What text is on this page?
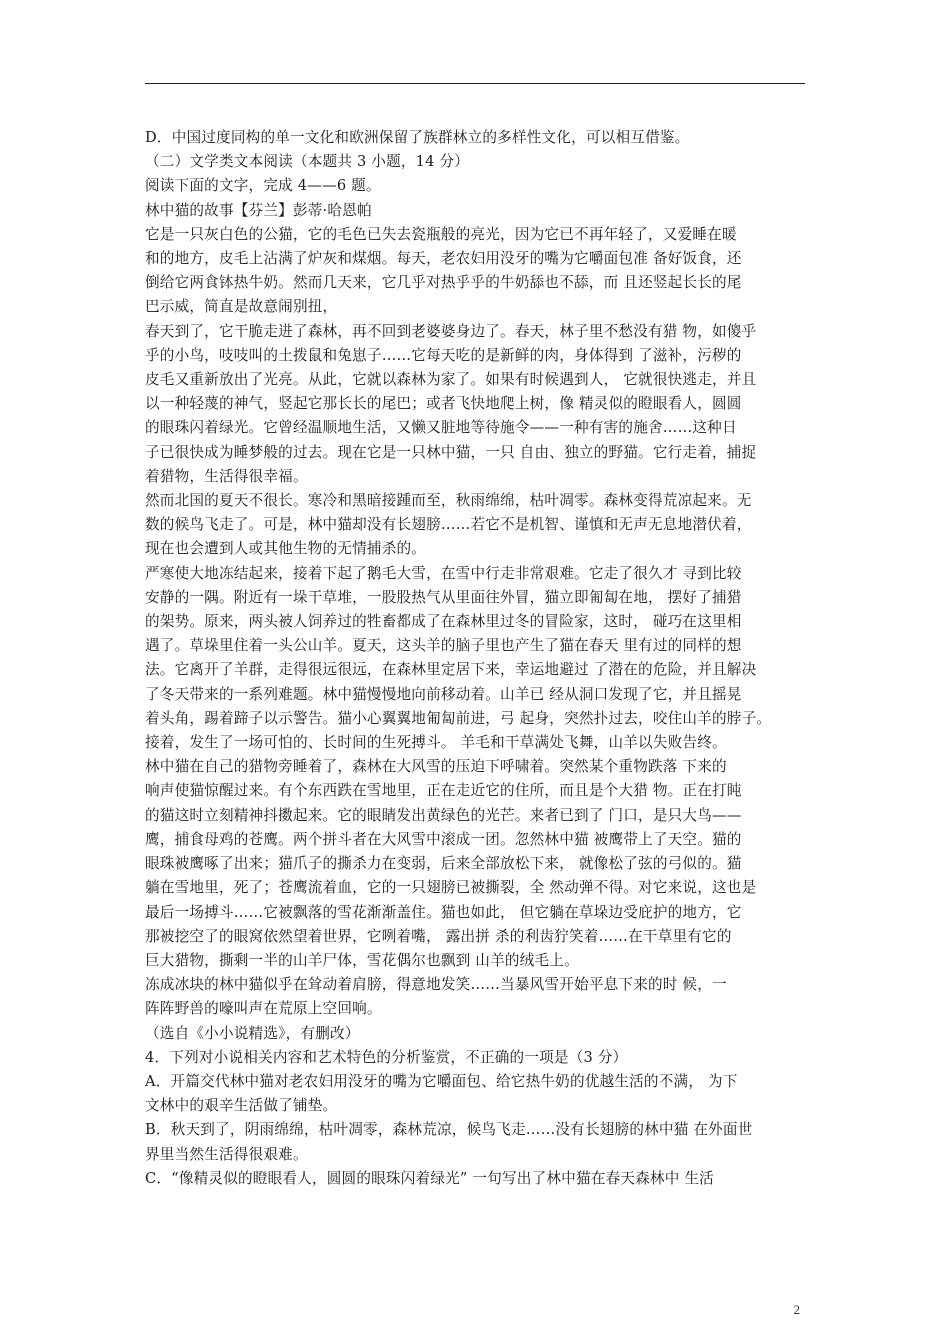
D．中国过度同构的单一文化和欧洲保留了族群林立的多样性文化，可以相互借鉴。
（二）文学类文本阅读（本题共 3 小题，14 分）
阅读下面的文字，完成 4——6 题。
林中猫的故事【芬兰】彭蒂·哈恩帕
它是一只灰白色的公猫，它的毛色已失去瓷瓶般的亮光，因为它已不再年轻了，又爱睡在暖
和的地方，皮毛上沾满了炉灰和煤烟。每天，老农妇用没牙的嘴为它嚼面包准 备好饭食，还
倒给它两食钵热牛奶。然而几天来，它几乎对热乎乎的牛奶舔也不舔，而 且还竖起长长的尾
巴示威，简直是故意闹别扭，
春天到了，它干脆走进了森林，再不回到老婆婆身边了。春天，林子里不愁没有猎 物，如傻乎
乎的小鸟，吱吱叫的土拨鼠和兔崽子……它每天吃的是新鲜的肉，身体得到 了滋补，污秽的
皮毛又重新放出了光亮。从此，它就以森林为家了。如果有时候遇到人， 它就很快逃走，并且
以一种轻蔑的神气，竖起它那长长的尾巴；或者飞快地爬上树，像 精灵似的瞪眼看人，圆圆
的眼珠闪着绿光。它曾经温顺地生活，又懒又脏地等待施令——一种有害的施舍……这种日
子已很快成为睡梦般的过去。现在它是一只林中猫，一只 自由、独立的野猫。它行走着，捕捉
着猎物，生活得很幸福。
然而北国的夏天不很长。寒冷和黑暗接踵而至，秋雨绵绵，枯叶凋零。森林变得荒凉起来。无
数的候鸟飞走了。可是，林中猫却没有长翅膀……若它不是机智、谨慎和无声无息地潜伏着，
现在也会遭到人或其他生物的无情捕杀的。
严寒使大地冻结起来，接着下起了鹅毛大雪，在雪中行走非常艰难。它走了很久才 寻到比较
安静的一隅。附近有一垛干草堆，一股股热气从里面往外冒，猫立即匍匐在地， 摆好了捕猎
的架势。原来，两头被人饲养过的牲畜都成了在森林里过冬的冒险家，这时， 碰巧在这里相
遇了。草垛里住着一头公山羊。夏天，这头羊的脑子里也产生了猫在春天 里有过的同样的想
法。它离开了羊群，走得很远很远，在森林里定居下来，幸运地避过 了潜在的危险，并且解决
了冬天带来的一系列难题。林中猫慢慢地向前移动着。山羊已 经从洞口发现了它，并且摇晃
着头角，踢着蹄子以示警告。猫小心翼翼地匍匐前进，弓 起身，突然扑过去，咬住山羊的脖子。
接着，发生了一场可怕的、长时间的生死搏斗。 羊毛和干草满处飞舞，山羊以失败告终。
林中猫在自己的猎物旁睡着了，森林在大风雪的压迫下呼啸着。突然某个重物跌落 下来的
响声使猫惊醒过来。有个东西跌在雪地里，正在走近它的住所，而且是个大猎 物。正在打盹
的猫这时立刻精神抖擞起来。它的眼睛发出黄绿色的光芒。来者已到了 门口，是只大鸟——
鹰，捕食母鸡的苍鹰。两个拼斗者在大风雪中滚成一团。忽然林中猫 被鹰带上了天空。猫的
眼珠被鹰啄了出来；猫爪子的撕杀力在变弱，后来全部放松下来， 就像松了弦的弓似的。猫
躺在雪地里，死了；苍鹰流着血，它的一只翅膀已被撕裂，全 然动弹不得。对它来说，这也是
最后一场搏斗……它被飘落的雪花渐渐盖住。猫也如此， 但它躺在草垛边受庇护的地方，它
那被挖空了的眼窝依然望着世界，它咧着嘴， 露出拼 杀的利齿狞笑着……在干草里有它的
巨大猎物，撕剩一半的山羊尸体，雪花偶尔也飘到 山羊的绒毛上。
冻成冰块的林中猫似乎在耸动着肩膀，得意地发笑……当暴风雪开始平息下来的时 候，一
阵阵野兽的嚎叫声在荒原上空回响。
（选自《小小说精选》，有删改）
4．下列对小说相关内容和艺术特色的分析鉴赏，不正确的一项是（3 分）
A．开篇交代林中猫对老农妇用没牙的嘴为它嚼面包、给它热牛奶的优越生活的不满， 为下
文林中的艰辛生活做了铺垫。
B．秋天到了，阴雨绵绵，枯叶凋零，森林荒凉，候鸟飞走……没有长翅膀的林中猫 在外面世
界里当然生活得很艰难。
C．“像精灵似的瞪眼看人，圆圆的眼珠闪着绿光” 一句写出了林中猫在春天森林中 生活
2
